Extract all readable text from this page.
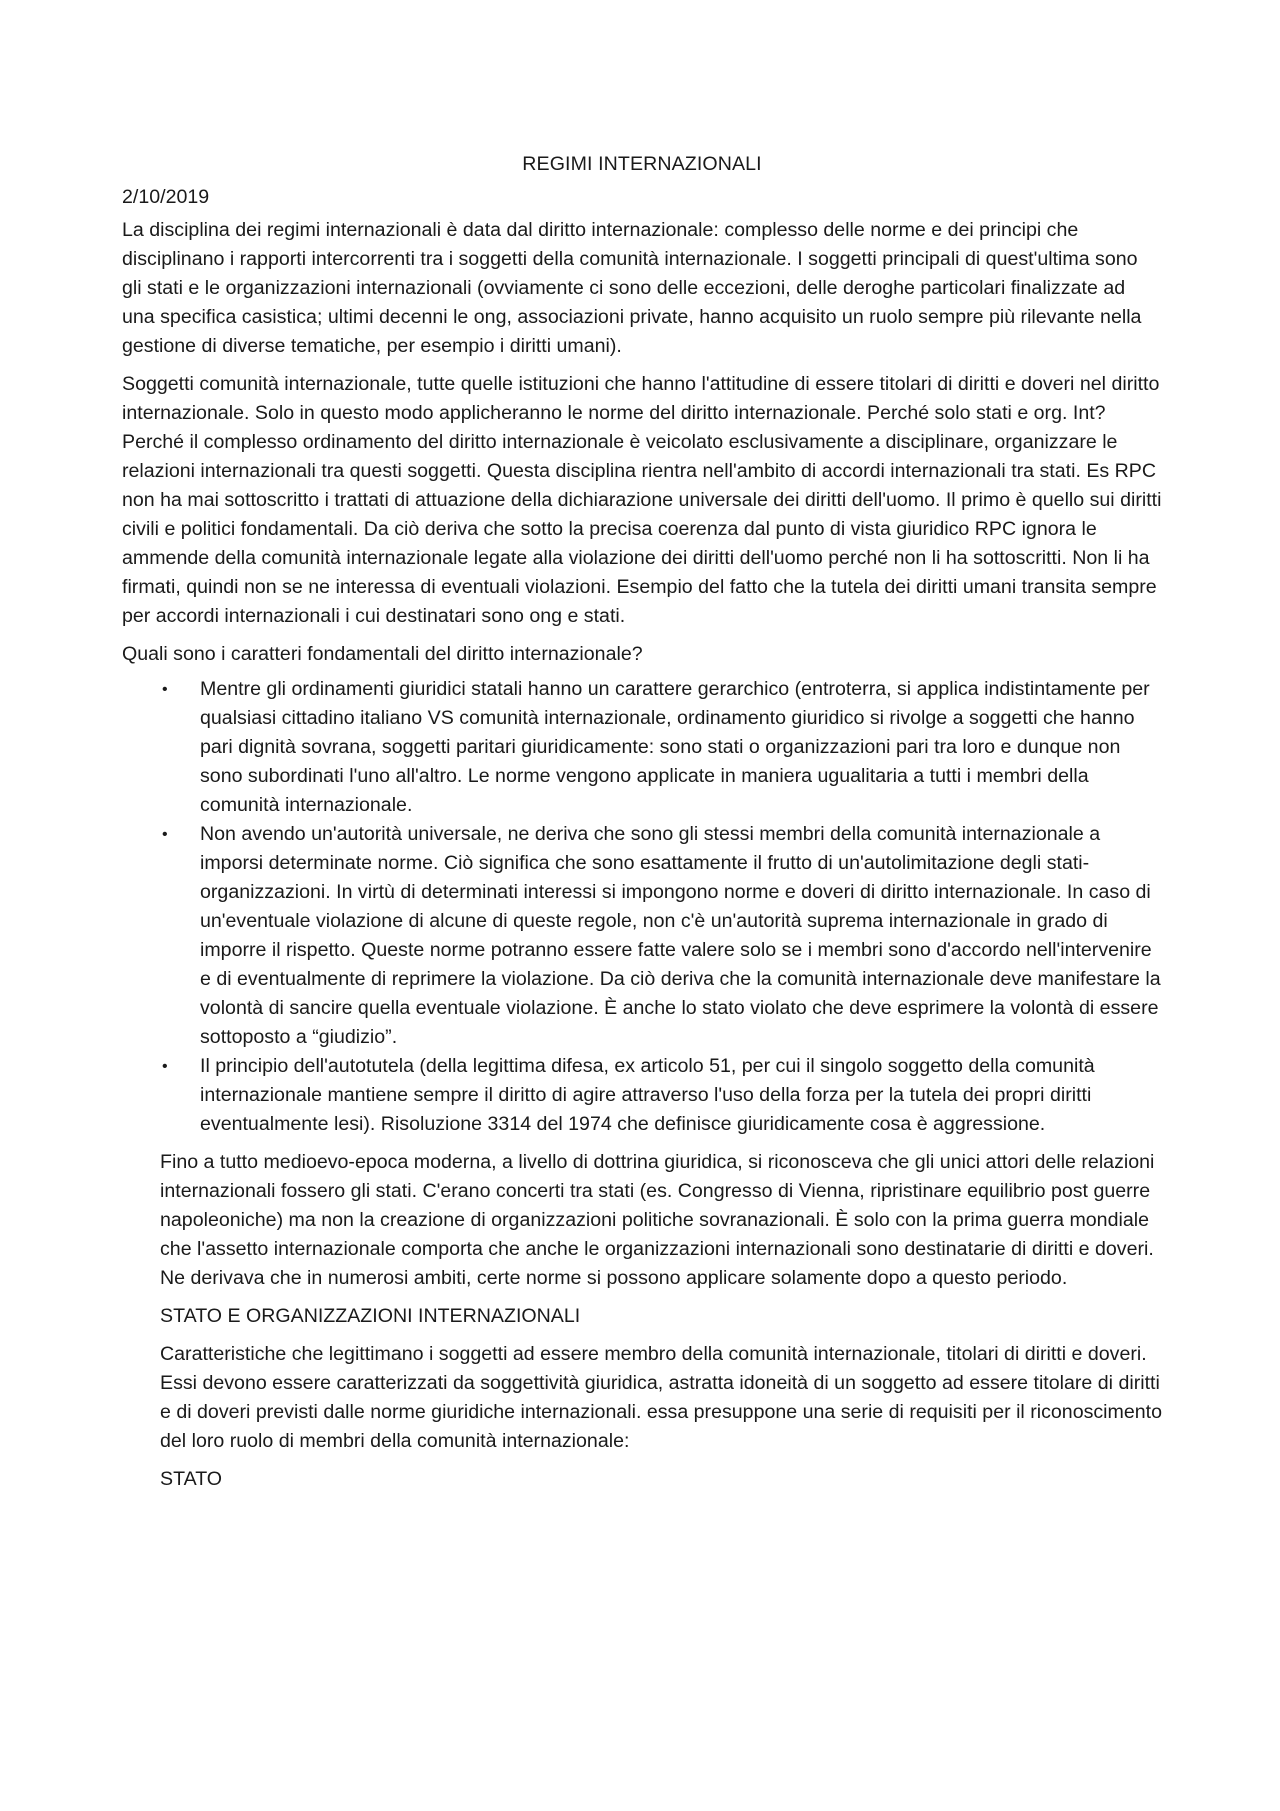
REGIMI INTERNAZIONALI

2/10/2019

La disciplina dei regimi internazionali è data dal diritto internazionale: complesso delle norme e dei principi che disciplinano i rapporti intercorrenti tra i soggetti della comunità internazionale. I soggetti principali di quest'ultima sono gli stati e le organizzazioni internazionali (ovviamente ci sono delle eccezioni, delle deroghe particolari finalizzate ad una specifica casistica; ultimi decenni le ong, associazioni private, hanno acquisito un ruolo sempre più rilevante nella gestione di diverse tematiche, per esempio i diritti umani).

Soggetti comunità internazionale, tutte quelle istituzioni che hanno l'attitudine di essere titolari di diritti e doveri nel diritto internazionale. Solo in questo modo applicheranno le norme del diritto internazionale. Perché solo stati e org. Int? Perché il complesso ordinamento del diritto internazionale è veicolato esclusivamente a disciplinare, organizzare le relazioni internazionali tra questi soggetti. Questa disciplina rientra nell'ambito di accordi internazionali tra stati. Es RPC non ha mai sottoscritto i trattati di attuazione della dichiarazione universale dei diritti dell'uomo. Il primo è quello sui diritti civili e politici fondamentali. Da ciò deriva che sotto la precisa coerenza dal punto di vista giuridico RPC ignora le ammende della comunità internazionale legate alla violazione dei diritti dell'uomo perché non li ha sottoscritti. Non li ha firmati, quindi non se ne interessa di eventuali violazioni. Esempio del fatto che la tutela dei diritti umani transita sempre per accordi internazionali i cui destinatari sono ong e stati.

Quali sono i caratteri fondamentali del diritto internazionale?

• Mentre gli ordinamenti giuridici statali hanno un carattere gerarchico (entroterra, si applica indistintamente per qualsiasi cittadino italiano VS comunità internazionale, ordinamento giuridico si rivolge a soggetti che hanno pari dignità sovrana, soggetti paritari giuridicamente: sono stati o organizzazioni pari tra loro e dunque non sono subordinati l'uno all'altro. Le norme vengono applicate in maniera ugualitaria a tutti i membri della comunità internazionale.
• Non avendo un'autorità universale, ne deriva che sono gli stessi membri della comunità internazionale a imporsi determinate norme. Ciò significa che sono esattamente il frutto di un'autolimitazione degli stati- organizzazioni. In virtù di determinati interessi si impongono norme e doveri di diritto internazionale. In caso di un'eventuale violazione di alcune di queste regole, non c'è un'autorità suprema internazionale in grado di imporre il rispetto. Queste norme potranno essere fatte valere solo se i membri sono d'accordo nell'intervenire e di eventualmente di reprimere la violazione. Da ciò deriva che la comunità internazionale deve manifestare la volontà di sancire quella eventuale violazione. È anche lo stato violato che deve esprimere la volontà di essere sottoposto a “giudizio”.
• Il principio dell'autotutela (della legittima difesa, ex articolo 51, per cui il singolo soggetto della comunità internazionale mantiene sempre il diritto di agire attraverso l'uso della forza per la tutela dei propri diritti eventualmente lesi). Risoluzione 3314 del 1974 che definisce giuridicamente cosa è aggressione.

Fino a tutto medioevo-epoca moderna, a livello di dottrina giuridica, si riconosceva che gli unici attori delle relazioni internazionali fossero gli stati. C'erano concerti tra stati (es. Congresso di Vienna, ripristinare equilibrio post guerre napoleoniche) ma non la creazione di organizzazioni politiche sovranazionali. È solo con la prima guerra mondiale che l'assetto internazionale comporta che anche le organizzazioni internazionali sono destinatarie di diritti e doveri. Ne derivava che in numerosi ambiti, certe norme si possono applicare solamente dopo a questo periodo.

STATO E ORGANIZZAZIONI INTERNAZIONALI

Caratteristiche che legittimano i soggetti ad essere membro della comunità internazionale, titolari di diritti e doveri. Essi devono essere caratterizzati da soggettività giuridica, astratta idoneità di un soggetto ad essere titolare di diritti e di doveri previsti dalle norme giuridiche internazionali. essa presuppone una serie di requisiti per il riconoscimento del loro ruolo di membri della comunità internazionale:

STATO
